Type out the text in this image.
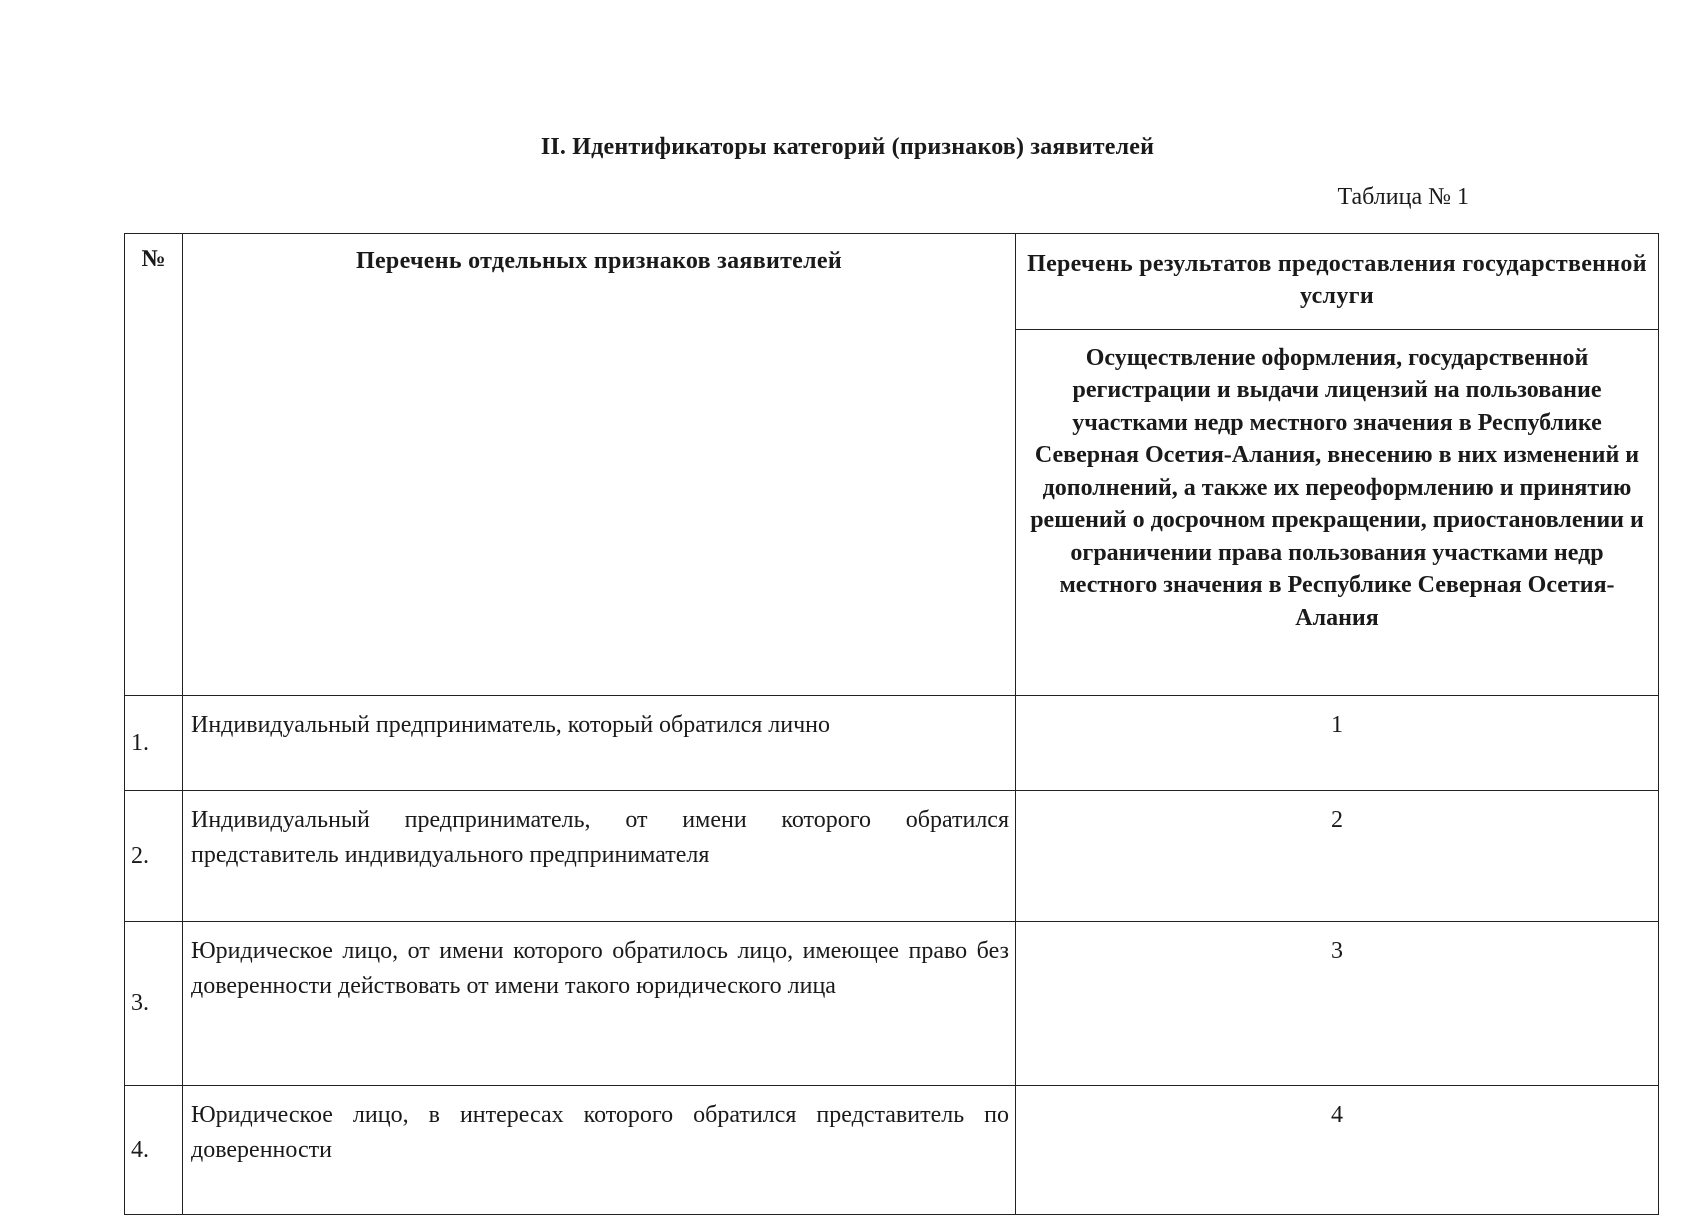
II. Идентификаторы категорий (признаков) заявителей
Таблица № 1
№	Перечень отдельных признаков заявителей	Перечень результатов предоставления государственной услуги
		Осуществление оформления, государственной регистрации и выдачи лицензий на пользование участками недр местного значения в Республике Северная Осетия-Алания, внесению в них изменений и дополнений, а также их переоформлению и принятию решений о досрочном прекращении, приостановлении и ограничении права пользования участками недр местного значения в Республике Северная Осетия-Алания
1.	Индивидуальный предприниматель, который обратился лично	1
2.	Индивидуальный предприниматель, от имени которого обратился представитель индивидуального предпринимателя	2
3.	Юридическое лицо, от имени которого обратилось лицо, имеющее право без доверенности действовать от имени такого юридического лица	3
4.	Юридическое лицо, в интересах которого обратился представитель по доверенности	4
